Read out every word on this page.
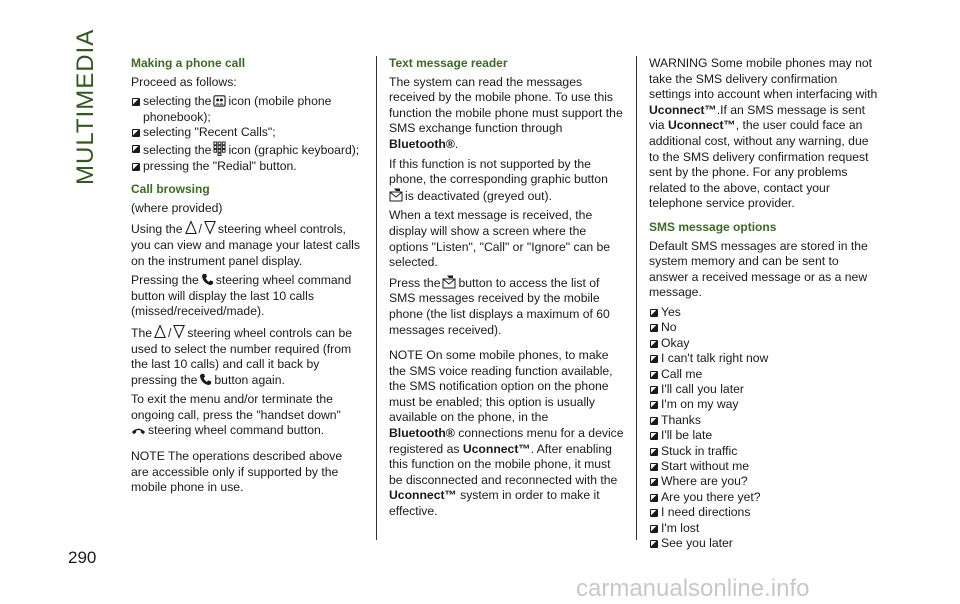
MULTIMEDIA	Making a phone call

Proceed as follows:

selecting the icon (mobile phone phonebook);
selecting "Recent Calls";
selecting the icon (graphic keyboard);
pressing the "Redial" button.
Call browsing

(where provided)

Using the / steering wheel controls, you can view and manage your latest calls on the instrument panel display.

Pressing the steering wheel command button will display the last 10 calls (missed/received/made).

The / steering wheel controls can be used to select the number required (from the last 10 calls) and call it back by pressing the button again.

To exit the menu and/or terminate the ongoing call, press the "handset down"
steering wheel command button.

NOTE The operations described above are accessible only if supported by the mobile phone in use.

Text message reader

The system can read the messages received by the mobile phone. To use this function the mobile phone must support the SMS exchange function through Bluetooth®.

If this function is not supported by the phone, the corresponding graphic button
is deactivated (greyed out).

When a text message is received, the display will show a screen where the options "Listen", "Call" or "Ignore" can be selected.

Press the button to access the list of SMS messages received by the mobile phone (the list displays a maximum of 60 messages received).

NOTE On some mobile phones, to make the SMS voice reading function available, the SMS notification option on the phone must be enabled; this option is usually available on the phone, in the
Bluetooth® connections menu for a device registered as Uconnect™. After enabling this function on the mobile phone, it must be disconnected and reconnected with the Uconnect™ system in order to make it effective.

WARNING Some mobile phones may not take the SMS delivery confirmation settings into account when interfacing with Uconnect™.If an SMS message is sent via Uconnect™, the user could face an additional cost, without any warning, due to the SMS delivery confirmation request sent by the phone. For any problems related to the above, contact your telephone service provider.

SMS message options

Default SMS messages are stored in the system memory and can be sent to answer a received message or as a new message.

Yes
No
Okay
I can't talk right now
Call me
I'll call you later
I'm on my way
Thanks
I'll be late
Stuck in traffic
Start without me
Where are you?
Are you there yet?
I need directions
I'm lost
See you later
290
carmanualsonline.info
